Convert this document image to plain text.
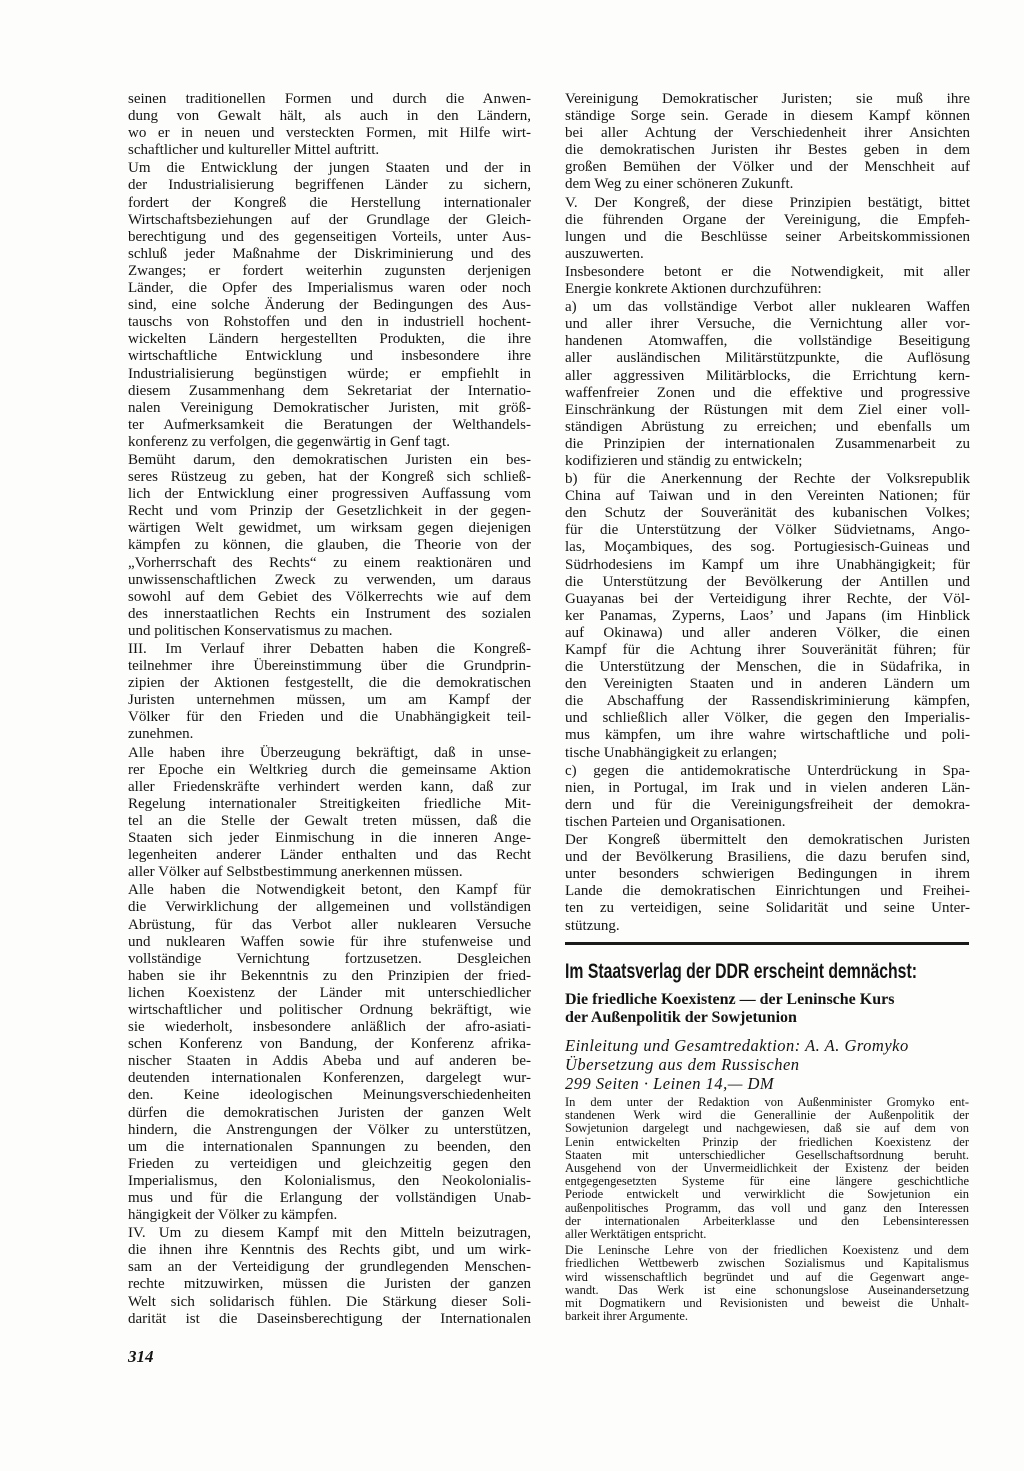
seinen traditionellen Formen und durch die Anwen-
dung von Gewalt hält, als auch in den Ländern,
wo er in neuen und versteckten Formen, mit Hilfe wirt-
schaftlicher und kultureller Mittel auftritt.
Um die Entwicklung der jungen Staaten und der in
der Industrialisierung begriffenen Länder zu sichern,
fordert der Kongreß die Herstellung internationaler
Wirtschaftsbeziehungen auf der Grundlage der Gleich-
berechtigung und des gegenseitigen Vorteils, unter Aus-
schluß jeder Maßnahme der Diskriminierung und des
Zwanges; er fordert weiterhin zugunsten derjenigen
Länder, die Opfer des Imperialismus waren oder noch
sind, eine solche Änderung der Bedingungen des Aus-
tauschs von Rohstoffen und den in industriell hochent-
wickelten Ländern hergestellten Produkten, die ihre
wirtschaftliche Entwicklung und insbesondere ihre
Industrialisierung begünstigen würde; er empfiehlt in
diesem Zusammenhang dem Sekretariat der Internatio-
nalen Vereinigung Demokratischer Juristen, mit größ-
ter Aufmerksamkeit die Beratungen der Welthandels-
konferenz zu verfolgen, die gegenwärtig in Genf tagt.
Bemüht darum, den demokratischen Juristen ein bes-
seres Rüstzeug zu geben, hat der Kongreß sich schließ-
lich der Entwicklung einer progressiven Auffassung vom
Recht und vom Prinzip der Gesetzlichkeit in der gegen-
wärtigen Welt gewidmet, um wirksam gegen diejenigen
kämpfen zu können, die glauben, die Theorie von der
„Vorherrschaft des Rechts“ zu einem reaktionären und
unwissenschaftlichen Zweck zu verwenden, um daraus
sowohl auf dem Gebiet des Völkerrechts wie auf dem
des innerstaatlichen Rechts ein Instrument des sozialen
und politischen Konservatismus zu machen.
III. Im Verlauf ihrer Debatten haben die Kongreß-
teilnehmer ihre Übereinstimmung über die Grundprin-
zipien der Aktionen festgestellt, die die demokratischen
Juristen unternehmen müssen, um am Kampf der
Völker für den Frieden und die Unabhängigkeit teil-
zunehmen.
Alle haben ihre Überzeugung bekräftigt, daß in unse-
rer Epoche ein Weltkrieg durch die gemeinsame Aktion
aller Friedenskräfte verhindert werden kann, daß zur
Regelung internationaler Streitigkeiten friedliche Mit-
tel an die Stelle der Gewalt treten müssen, daß die
Staaten sich jeder Einmischung in die inneren Ange-
legenheiten anderer Länder enthalten und das Recht
aller Völker auf Selbstbestimmung anerkennen müssen.
Alle haben die Notwendigkeit betont, den Kampf für
die Verwirklichung der allgemeinen und vollständigen
Abrüstung, für das Verbot aller nuklearen Versuche
und nuklearen Waffen sowie für ihre stufenweise und
vollständige Vernichtung fortzusetzen. Desgleichen
haben sie ihr Bekenntnis zu den Prinzipien der fried-
lichen Koexistenz der Länder mit unterschiedlicher
wirtschaftlicher und politischer Ordnung bekräftigt, wie
sie wiederholt, insbesondere anläßlich der afro-asiati-
schen Konferenz von Bandung, der Konferenz afrika-
nischer Staaten in Addis Abeba und auf anderen be-
deutenden internationalen Konferenzen, dargelegt wur-
den. Keine ideologischen Meinungsverschiedenheiten
dürfen die demokratischen Juristen der ganzen Welt
hindern, die Anstrengungen der Völker zu unterstützen,
um die internationalen Spannungen zu beenden, den
Frieden zu verteidigen und gleichzeitig gegen den
Imperialismus, den Kolonialismus, den Neokolonialis-
mus und für die Erlangung der vollständigen Unab-
hängigkeit der Völker zu kämpfen.
IV. Um zu diesem Kampf mit den Mitteln beizutragen,
die ihnen ihre Kenntnis des Rechts gibt, und um wirk-
sam an der Verteidigung der grundlegenden Menschen-
rechte mitzuwirken, müssen die Juristen der ganzen
Welt sich solidarisch fühlen. Die Stärkung dieser Soli-
darität ist die Daseinsberechtigung der Internationalen
Vereinigung Demokratischer Juristen; sie muß ihre
ständige Sorge sein. Gerade in diesem Kampf können
bei aller Achtung der Verschiedenheit ihrer Ansichten
die demokratischen Juristen ihr Bestes geben in dem
großen Bemühen der Völker und der Menschheit auf
dem Weg zu einer schöneren Zukunft.
V. Der Kongreß, der diese Prinzipien bestätigt, bittet
die führenden Organe der Vereinigung, die Empfeh-
lungen und die Beschlüsse seiner Arbeitskommissionen
auszuwerten.
Insbesondere betont er die Notwendigkeit, mit aller
Energie konkrete Aktionen durchzuführen:
a) um das vollständige Verbot aller nuklearen Waffen
und aller ihrer Versuche, die Vernichtung aller vor-
handenen Atomwaffen, die vollständige Beseitigung
aller ausländischen Militärstützpunkte, die Auflösung
aller aggressiven Militärblocks, die Errichtung kern-
waffenfreier Zonen und die effektive und progressive
Einschränkung der Rüstungen mit dem Ziel einer voll-
ständigen Abrüstung zu erreichen; und ebenfalls um
die Prinzipien der internationalen Zusammenarbeit zu
kodifizieren und ständig zu entwickeln;
b) für die Anerkennung der Rechte der Volksrepublik
China auf Taiwan und in den Vereinten Nationen; für
den Schutz der Souveränität des kubanischen Volkes;
für die Unterstützung der Völker Südvietnams, Ango-
las, Moçambiques, des sog. Portugiesisch-Guineas und
Südrhodesiens im Kampf um ihre Unabhängigkeit; für
die Unterstützung der Bevölkerung der Antillen und
Guayanas bei der Verteidigung ihrer Rechte, der Völ-
ker Panamas, Zyperns, Laos’ und Japans (im Hinblick
auf Okinawa) und aller anderen Völker, die einen
Kampf für die Achtung ihrer Souveränität führen; für
die Unterstützung der Menschen, die in Südafrika, in
den Vereinigten Staaten und in anderen Ländern um
die Abschaffung der Rassendiskriminierung kämpfen,
und schließlich aller Völker, die gegen den Imperialis-
mus kämpfen, um ihre wahre wirtschaftliche und poli-
tische Unabhängigkeit zu erlangen;
c) gegen die antidemokratische Unterdrückung in Spa-
nien, in Portugal, im Irak und in vielen anderen Län-
dern und für die Vereinigungsfreiheit der demokra-
tischen Parteien und Organisationen.
Der Kongreß übermittelt den demokratischen Juristen
und der Bevölkerung Brasiliens, die dazu berufen sind,
unter besonders schwierigen Bedingungen in ihrem
Lande die demokratischen Einrichtungen und Freihei-
ten zu verteidigen, seine Solidarität und seine Unter-
stützung.
Im Staatsverlag der DDR erscheint demnächst:
Die friedliche Koexistenz — der Leninsche Kurs
der Außenpolitik der Sowjetunion
Einleitung und Gesamtredaktion: A. A. Gromyko
Übersetzung aus dem Russischen
299 Seiten · Leinen 14,— DM
In dem unter der Redaktion von Außenminister Gromyko ent-
standenen Werk wird die Generallinie der Außenpolitik der
Sowjetunion dargelegt und nachgewiesen, daß sie auf dem von
Lenin entwickelten Prinzip der friedlichen Koexistenz der
Staaten mit unterschiedlicher Gesellschaftsordnung beruht.
Ausgehend von der Unvermeidlichkeit der Existenz der beiden
entgegengesetzten Systeme für eine längere geschichtliche
Periode entwickelt und verwirklicht die Sowjetunion ein
außenpolitisches Programm, das voll und ganz den Interessen
der internationalen Arbeiterklasse und den Lebensinteressen
aller Werktätigen entspricht.
Die Leninsche Lehre von der friedlichen Koexistenz und dem
friedlichen Wettbewerb zwischen Sozialismus und Kapitalismus
wird wissenschaftlich begründet und auf die Gegenwart ange-
wandt. Das Werk ist eine schonungslose Auseinandersetzung
mit Dogmatikern und Revisionisten und beweist die Unhalt-
barkeit ihrer Argumente.
314
